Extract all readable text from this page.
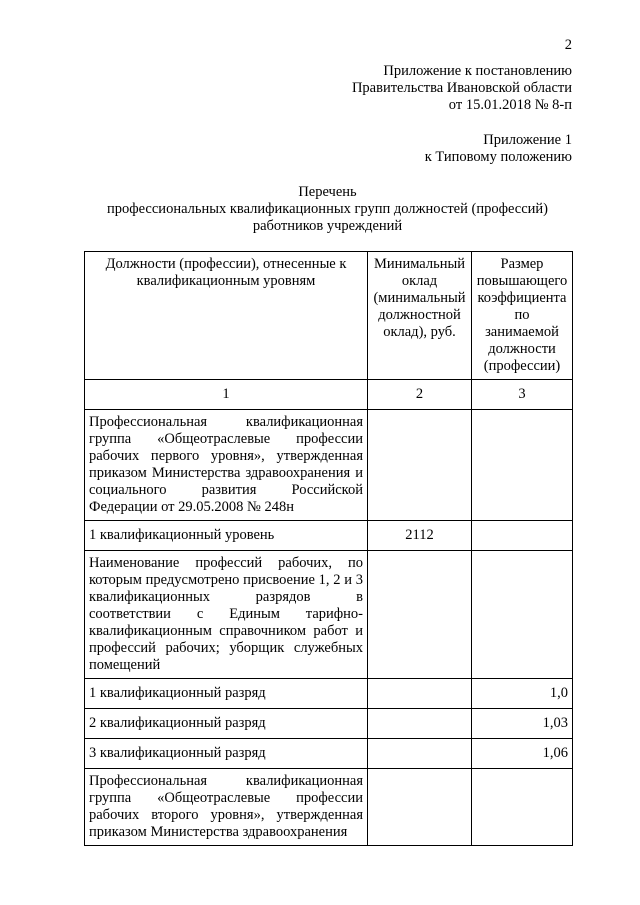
2
Приложение к постановлению
Правительства Ивановской области
от 15.01.2018 № 8-п
Приложение 1
к Типовому положению
Перечень
профессиональных квалификационных групп должностей (профессий)
работников учреждений
Должности (профессии), отнесенные к квалификационным уровням	Минимальный оклад (минимальный должностной оклад), руб.	Размер повышающего коэффициента по занимаемой должности (профессии)
1	2	3
Профессиональная квалификационная группа «Общеотраслевые профессии рабочих первого уровня», утвержденная приказом Министерства здравоохранения и социального развития Российской Федерации от 29.05.2008 № 248н		
1 квалификационный уровень	2112	
Наименование профессий рабочих, по которым предусмотрено присвоение 1, 2 и 3 квалификационных разрядов в соответствии с Единым тарифно-квалификационным справочником работ и профессий рабочих; уборщик служебных помещений		
1 квалификационный разряд		1,0
2 квалификационный разряд		1,03
3 квалификационный разряд		1,06
Профессиональная квалификационная группа «Общеотраслевые профессии рабочих второго уровня», утвержденная приказом Министерства здравоохранения		
